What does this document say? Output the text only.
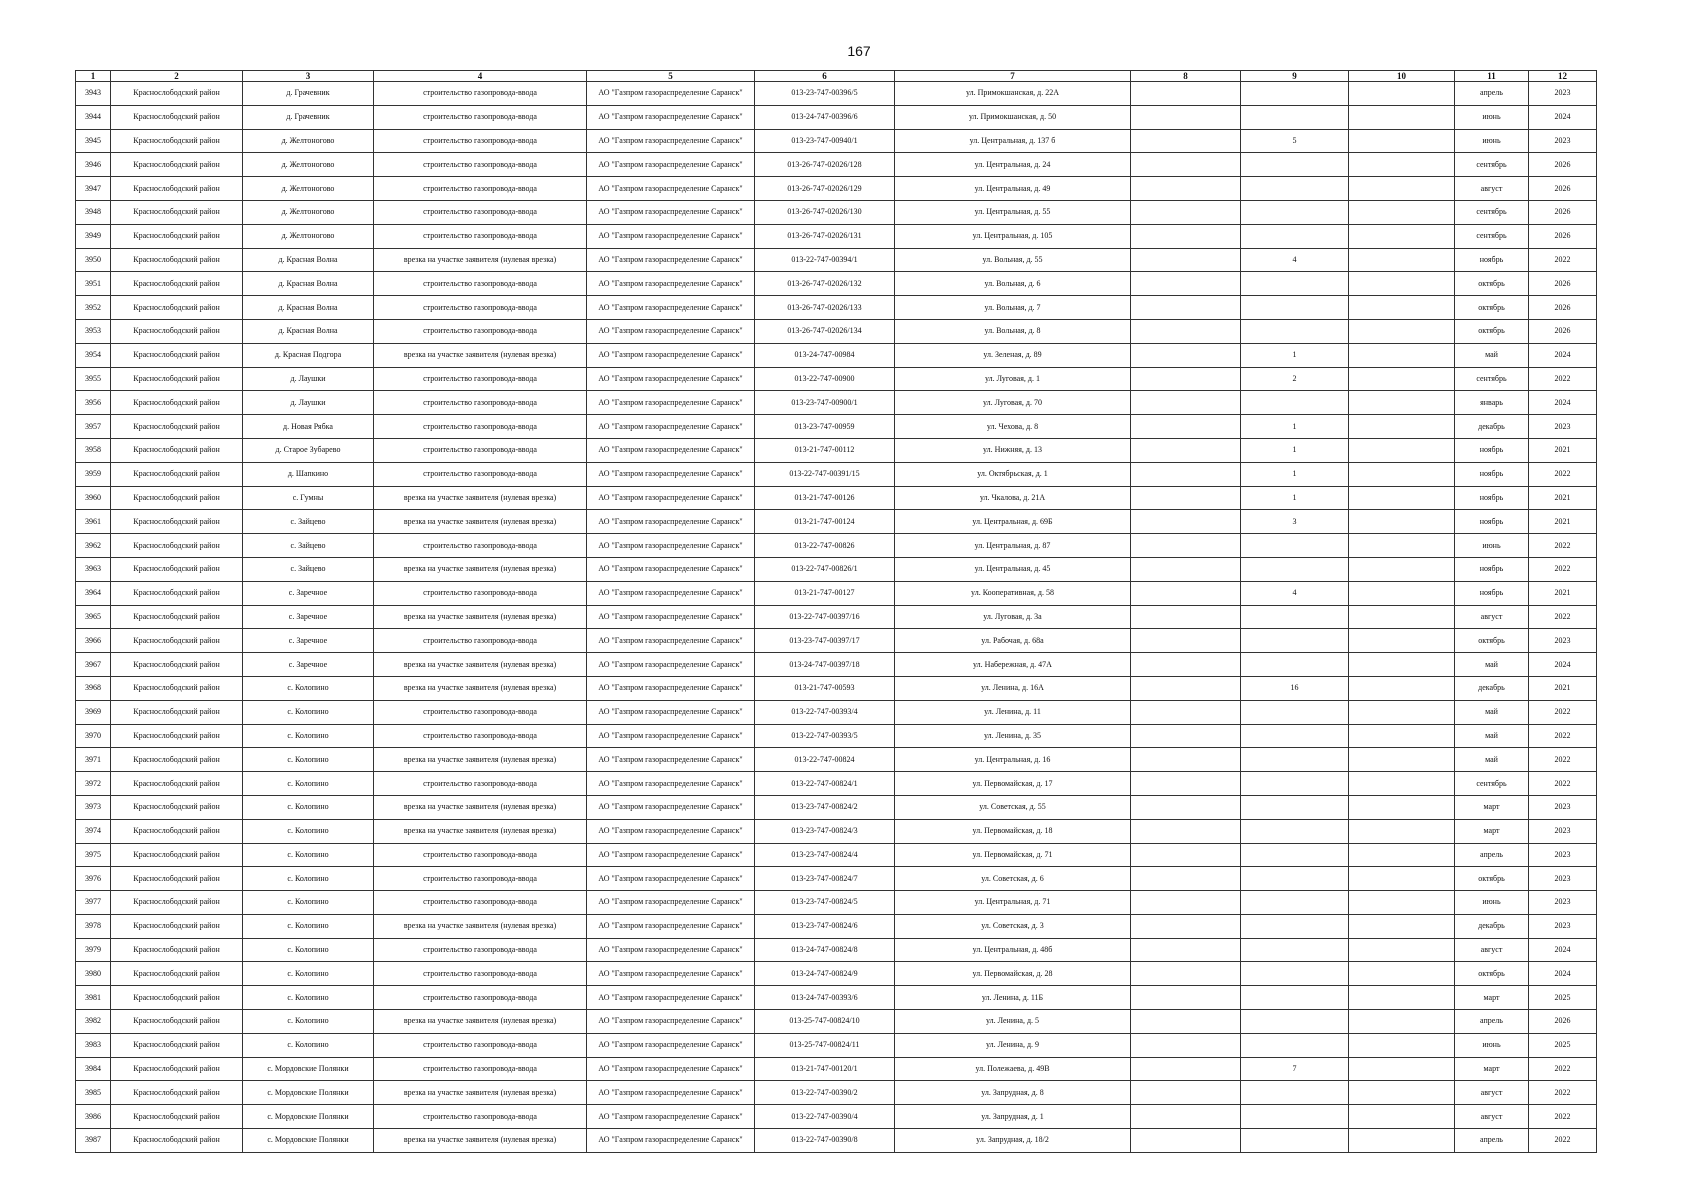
167
1	2	3	4	5	6	7	8	9	10	11	12
3943	Краснослободский район	д. Грачевник	строительство газопровода-ввода	АО "Газпром газораспределение Саранск"	013-23-747-00396/5	ул. Примокшанская, д. 22А				апрель	2023
3944	Краснослободский район	д. Грачевник	строительство газопровода-ввода	АО "Газпром газораспределение Саранск"	013-24-747-00396/6	ул. Примокшанская, д. 50				июнь	2024
3945	Краснослободский район	д. Желтоногово	строительство газопровода-ввода	АО "Газпром газораспределение Саранск"	013-23-747-00940/1	ул. Центральная, д. 137 б		5		июнь	2023
3946	Краснослободский район	д. Желтоногово	строительство газопровода-ввода	АО "Газпром газораспределение Саранск"	013-26-747-02026/128	ул. Центральная, д. 24				сентябрь	2026
3947	Краснослободский район	д. Желтоногово	строительство газопровода-ввода	АО "Газпром газораспределение Саранск"	013-26-747-02026/129	ул. Центральная, д. 49				август	2026
3948	Краснослободский район	д. Желтоногово	строительство газопровода-ввода	АО "Газпром газораспределение Саранск"	013-26-747-02026/130	ул. Центральная, д. 55				сентябрь	2026
3949	Краснослободский район	д. Желтоногово	строительство газопровода-ввода	АО "Газпром газораспределение Саранск"	013-26-747-02026/131	ул. Центральная, д. 105				сентябрь	2026
3950	Краснослободский район	д. Красная Волна	врезка на участке заявителя (нулевая врезка)	АО "Газпром газораспределение Саранск"	013-22-747-00394/1	ул. Вольная, д. 55		4		ноябрь	2022
3951	Краснослободский район	д. Красная Волна	строительство газопровода-ввода	АО "Газпром газораспределение Саранск"	013-26-747-02026/132	ул. Вольная, д. 6				октябрь	2026
3952	Краснослободский район	д. Красная Волна	строительство газопровода-ввода	АО "Газпром газораспределение Саранск"	013-26-747-02026/133	ул. Вольная, д. 7				октябрь	2026
3953	Краснослободский район	д. Красная Волна	строительство газопровода-ввода	АО "Газпром газораспределение Саранск"	013-26-747-02026/134	ул. Вольная, д. 8				октябрь	2026
3954	Краснослободский район	д. Красная Подгора	врезка на участке заявителя (нулевая врезка)	АО "Газпром газораспределение Саранск"	013-24-747-00984	ул. Зеленая, д. 89		1		май	2024
3955	Краснослободский район	д. Лаушки	строительство газопровода-ввода	АО "Газпром газораспределение Саранск"	013-22-747-00900	ул. Луговая, д. 1		2		сентябрь	2022
3956	Краснослободский район	д. Лаушки	строительство газопровода-ввода	АО "Газпром газораспределение Саранск"	013-23-747-00900/1	ул. Луговая, д. 70				январь	2024
3957	Краснослободский район	д. Новая Рябка	строительство газопровода-ввода	АО "Газпром газораспределение Саранск"	013-23-747-00959	ул. Чехова, д. 8		1		декабрь	2023
3958	Краснослободский район	д. Старое Зубарево	строительство газопровода-ввода	АО "Газпром газораспределение Саранск"	013-21-747-00112	ул. Нижняя, д. 13		1		ноябрь	2021
3959	Краснослободский район	д. Шапкино	строительство газопровода-ввода	АО "Газпром газораспределение Саранск"	013-22-747-00391/15	ул. Октябрьская, д. 1		1		ноябрь	2022
3960	Краснослободский район	с. Гумны	врезка на участке заявителя (нулевая врезка)	АО "Газпром газораспределение Саранск"	013-21-747-00126	ул. Чкалова, д. 21А		1		ноябрь	2021
3961	Краснослободский район	с. Зайцево	врезка на участке заявителя (нулевая врезка)	АО "Газпром газораспределение Саранск"	013-21-747-00124	ул. Центральная, д. 69Б		3		ноябрь	2021
3962	Краснослободский район	с. Зайцево	строительство газопровода-ввода	АО "Газпром газораспределение Саранск"	013-22-747-00826	ул. Центральная, д. 87				июнь	2022
3963	Краснослободский район	с. Зайцево	врезка на участке заявителя (нулевая врезка)	АО "Газпром газораспределение Саранск"	013-22-747-00826/1	ул. Центральная, д. 45				ноябрь	2022
3964	Краснослободский район	с. Заречное	строительство газопровода-ввода	АО "Газпром газораспределение Саранск"	013-21-747-00127	ул. Кооперативная, д. 58		4		ноябрь	2021
3965	Краснослободский район	с. Заречное	врезка на участке заявителя (нулевая врезка)	АО "Газпром газораспределение Саранск"	013-22-747-00397/16	ул. Луговая, д. 3а				август	2022
3966	Краснослободский район	с. Заречное	строительство газопровода-ввода	АО "Газпром газораспределение Саранск"	013-23-747-00397/17	ул. Рабочая, д. 68а				октябрь	2023
3967	Краснослободский район	с. Заречное	врезка на участке заявителя (нулевая врезка)	АО "Газпром газораспределение Саранск"	013-24-747-00397/18	ул. Набережная, д. 47А				май	2024
3968	Краснослободский район	с. Колопино	врезка на участке заявителя (нулевая врезка)	АО "Газпром газораспределение Саранск"	013-21-747-00593	ул. Ленина, д. 16А		16		декабрь	2021
3969	Краснослободский район	с. Колопино	строительство газопровода-ввода	АО "Газпром газораспределение Саранск"	013-22-747-00393/4	ул. Ленина, д. 11				май	2022
3970	Краснослободский район	с. Колопино	строительство газопровода-ввода	АО "Газпром газораспределение Саранск"	013-22-747-00393/5	ул. Ленина, д. 35				май	2022
3971	Краснослободский район	с. Колопино	врезка на участке заявителя (нулевая врезка)	АО "Газпром газораспределение Саранск"	013-22-747-00824	ул. Центральная, д. 16				май	2022
3972	Краснослободский район	с. Колопино	строительство газопровода-ввода	АО "Газпром газораспределение Саранск"	013-22-747-00824/1	ул. Первомайская, д. 17				сентябрь	2022
3973	Краснослободский район	с. Колопино	врезка на участке заявителя (нулевая врезка)	АО "Газпром газораспределение Саранск"	013-23-747-00824/2	ул. Советская, д. 55				март	2023
3974	Краснослободский район	с. Колопино	врезка на участке заявителя (нулевая врезка)	АО "Газпром газораспределение Саранск"	013-23-747-00824/3	ул. Первомайская, д. 18				март	2023
3975	Краснослободский район	с. Колопино	строительство газопровода-ввода	АО "Газпром газораспределение Саранск"	013-23-747-00824/4	ул. Первомайская, д. 71				апрель	2023
3976	Краснослободский район	с. Колопино	строительство газопровода-ввода	АО "Газпром газораспределение Саранск"	013-23-747-00824/7	ул. Советская, д. 6				октябрь	2023
3977	Краснослободский район	с. Колопино	строительство газопровода-ввода	АО "Газпром газораспределение Саранск"	013-23-747-00824/5	ул. Центральная, д. 71				июнь	2023
3978	Краснослободский район	с. Колопино	врезка на участке заявителя (нулевая врезка)	АО "Газпром газораспределение Саранск"	013-23-747-00824/6	ул. Советская, д. 3				декабрь	2023
3979	Краснослободский район	с. Колопино	строительство газопровода-ввода	АО "Газпром газораспределение Саранск"	013-24-747-00824/8	ул. Центральная, д. 48б				август	2024
3980	Краснослободский район	с. Колопино	строительство газопровода-ввода	АО "Газпром газораспределение Саранск"	013-24-747-00824/9	ул. Первомайская, д. 28				октябрь	2024
3981	Краснослободский район	с. Колопино	строительство газопровода-ввода	АО "Газпром газораспределение Саранск"	013-24-747-00393/6	ул. Ленина, д. 11Б				март	2025
3982	Краснослободский район	с. Колопино	врезка на участке заявителя (нулевая врезка)	АО "Газпром газораспределение Саранск"	013-25-747-00824/10	ул. Ленина, д. 5				апрель	2026
3983	Краснослободский район	с. Колопино	строительство газопровода-ввода	АО "Газпром газораспределение Саранск"	013-25-747-00824/11	ул. Ленина, д. 9				июнь	2025
3984	Краснослободский район	с. Мордовские Полянки	строительство газопровода-ввода	АО "Газпром газораспределение Саранск"	013-21-747-00120/1	ул. Полежаева, д. 49В		7		март	2022
3985	Краснослободский район	с. Мордовские Полянки	врезка на участке заявителя (нулевая врезка)	АО "Газпром газораспределение Саранск"	013-22-747-00390/2	ул. Запрудная, д. 8				август	2022
3986	Краснослободский район	с. Мордовские Полянки	строительство газопровода-ввода	АО "Газпром газораспределение Саранск"	013-22-747-00390/4	ул. Запрудная, д. 1				август	2022
3987	Краснослободский район	с. Мордовские Полянки	врезка на участке заявителя (нулевая врезка)	АО "Газпром газораспределение Саранск"	013-22-747-00390/8	ул. Запрудная, д. 18/2				апрель	2022
